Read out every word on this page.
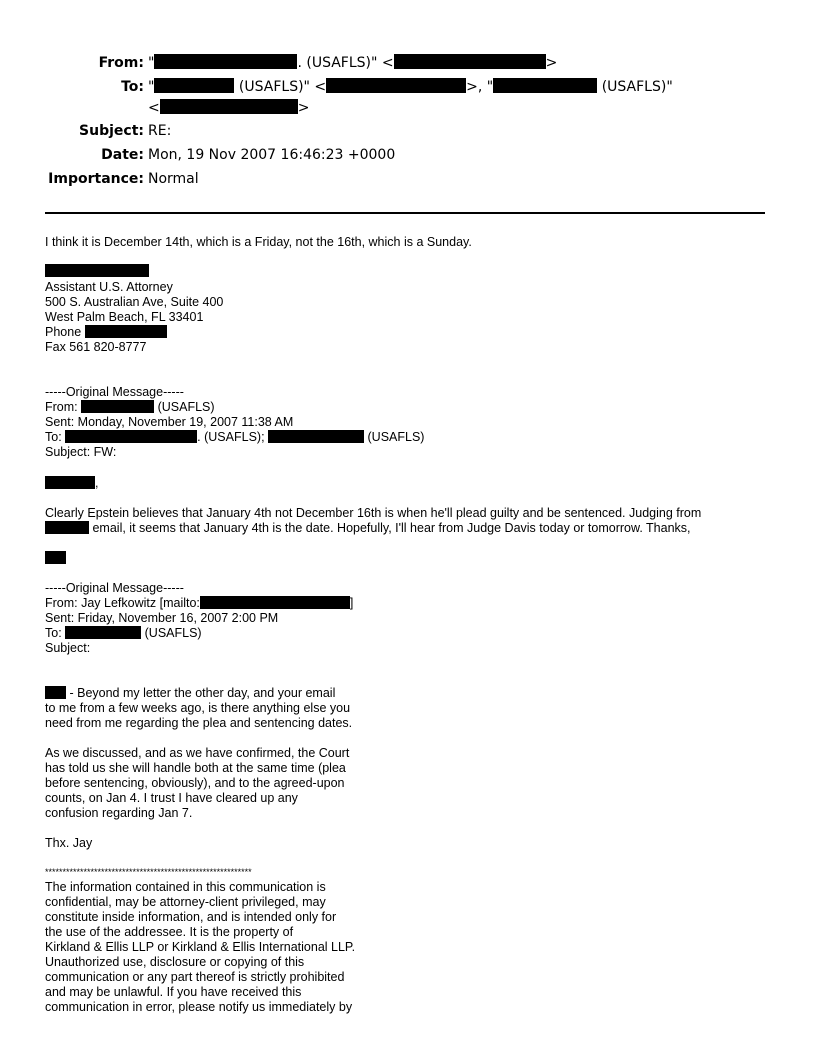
From: "	. (USAFLS)" <	>
To: "	(USAFLS)" <	>, "	(USAFLS)"
<	>
Subject: RE:
Date: Mon, 19 Nov 2007 16:46:23 +0000
Importance: Normal
I think it is December 14th, which is a Friday, not the 16th, which is a Sunday.
Assistant U.S. Attorney
500 S. Australian Ave, Suite 400
West Palm Beach, FL 33401
Phone
Fax 561 820-8777
-----Original Message-----
From:	(USAFLS)
Sent: Monday, November 19, 2007 11:38 AM
To:	. (USAFLS);	(USAFLS)
Subject: FW:
,
Clearly Epstein believes that January 4th not December 16th is when he'll plead guilty and be sentenced. Judging from
email, it seems that January 4th is the date. Hopefully, I'll hear from Judge Davis today or tomorrow. Thanks,
-----Original Message-----
From: Jay Lefkowitz [mailto:	]
Sent: Friday, November 16, 2007 2:00 PM
To:	(USAFLS)
Subject:
- Beyond my letter the other day, and your email
to me from a few weeks ago, is there anything else you
need from me regarding the plea and sentencing dates.
As we discussed, and as we have confirmed, the Court
has told us she will handle both at the same time (plea
before sentencing, obviously), and to the agreed-upon
counts, on Jan 4. I trust I have cleared up any
confusion regarding Jan 7.
Thx. Jay
***********************************************************
The information contained in this communication is
confidential, may be attorney-client privileged, may
constitute inside information, and is intended only for
the use of the addressee. It is the property of
Kirkland & Ellis LLP or Kirkland & Ellis International LLP.
Unauthorized use, disclosure or copying of this
communication or any part thereof is strictly prohibited
and may be unlawful. If you have received this
communication in error, please notify us immediately by
